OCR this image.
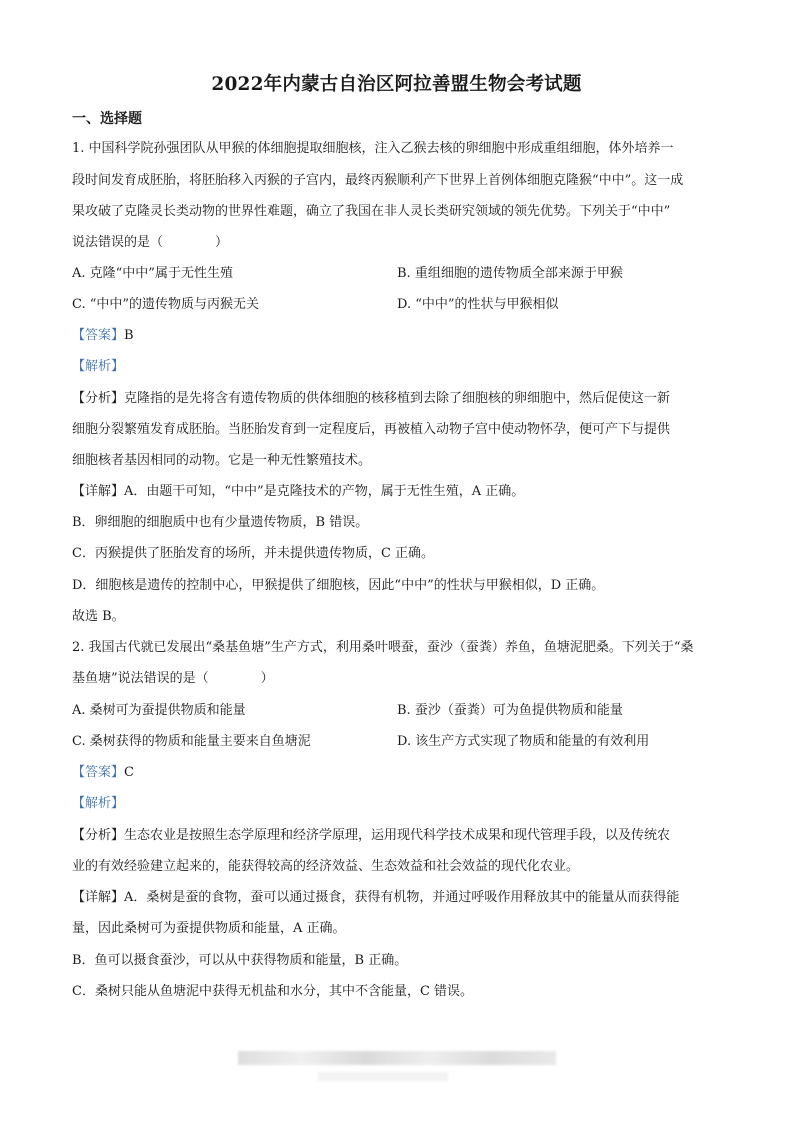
2022年内蒙古自治区阿拉善盟生物会考试题
一、选择题
1. 中国科学院孙强团队从甲猴的体细胞提取细胞核，注入乙猴去核的卵细胞中形成重组细胞，体外培养一
段时间发育成胚胎，将胚胎移入丙猴的子宫内，最终丙猴顺利产下世界上首例体细胞克隆猴“中中”。这一成
果攻破了克隆灵长类动物的世界性难题，确立了我国在非人灵长类研究领域的领先优势。下列关于“中中”
说法错误的是（　　　　）
A. 克隆“中中”属于无性生殖	B. 重组细胞的遗传物质全部来源于甲猴
C. “中中”的遗传物质与丙猴无关	D. “中中”的性状与甲猴相似
【答案】B
【解析】
【分析】克隆指的是先将含有遗传物质的供体细胞的核移植到去除了细胞核的卵细胞中，然后促使这一新
细胞分裂繁殖发育成胚胎。当胚胎发育到一定程度后，再被植入动物子宫中使动物怀孕，便可产下与提供
细胞核者基因相同的动物。它是一种无性繁殖技术。
【详解】A．由题干可知，“中中”是克隆技术的产物，属于无性生殖，A 正确。
B．卵细胞的细胞质中也有少量遗传物质，B 错误。
C．丙猴提供了胚胎发育的场所，并未提供遗传物质，C 正确。
D．细胞核是遗传的控制中心，甲猴提供了细胞核，因此“中中”的性状与甲猴相似，D 正确。
故选 B。
2. 我国古代就已发展出“桑基鱼塘”生产方式，利用桑叶喂蚕，蚕沙（蚕粪）养鱼，鱼塘泥肥桑。下列关于“桑
基鱼塘”说法错误的是（　　　　）
A. 桑树可为蚕提供物质和能量	B. 蚕沙（蚕粪）可为鱼提供物质和能量
C. 桑树获得的物质和能量主要来自鱼塘泥	D. 该生产方式实现了物质和能量的有效利用
【答案】C
【解析】
【分析】生态农业是按照生态学原理和经济学原理，运用现代科学技术成果和现代管理手段，以及传统农
业的有效经验建立起来的，能获得较高的经济效益、生态效益和社会效益的现代化农业。
【详解】A．桑树是蚕的食物，蚕可以通过摄食，获得有机物，并通过呼吸作用释放其中的能量从而获得能
量，因此桑树可为蚕提供物质和能量，A 正确。
B．鱼可以摄食蚕沙，可以从中获得物质和能量，B 正确。
C．桑树只能从鱼塘泥中获得无机盐和水分，其中不含能量，C 错误。
